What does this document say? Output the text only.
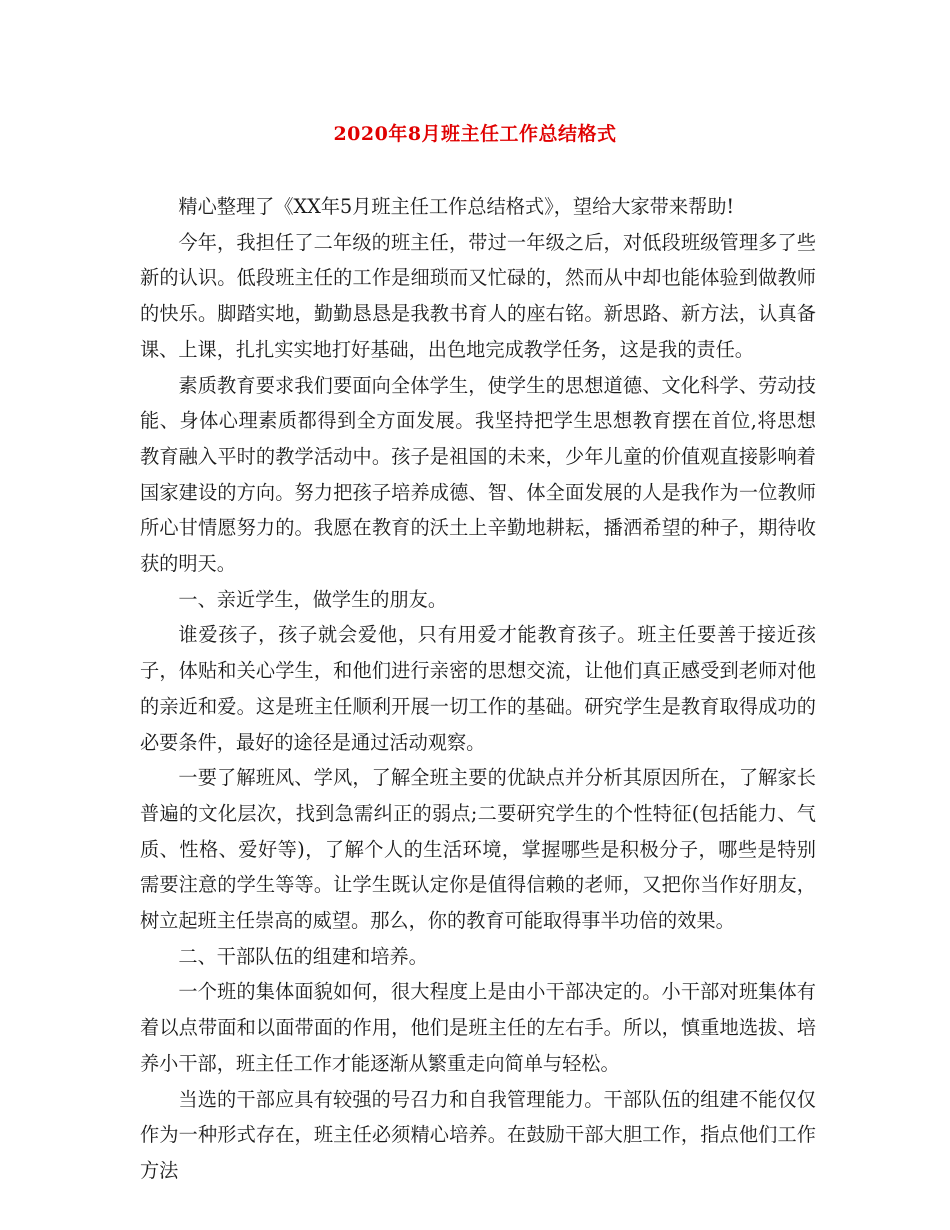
2020年8月班主任工作总结格式

精心整理了《XX年5月班主任工作总结格式》，望给大家带来帮助!

今年，我担任了二年级的班主任，带过一年级之后，对低段班级管理多了些新的认识。低段班主任的工作是细琐而又忙碌的，然而从中却也能体验到做教师的快乐。脚踏实地，勤勤恳恳是我教书育人的座右铭。新思路、新方法，认真备课、上课，扎扎实实地打好基础，出色地完成教学任务，这是我的责任。

素质教育要求我们要面向全体学生，使学生的思想道德、文化科学、劳动技能、身体心理素质都得到全方面发展。我坚持把学生思想教育摆在首位,将思想教育融入平时的教学活动中。孩子是祖国的未来，少年儿童的价值观直接影响着国家建设的方向。努力把孩子培养成德、智、体全面发展的人是我作为一位教师所心甘情愿努力的。我愿在教育的沃土上辛勤地耕耘，播洒希望的种子，期待收获的明天。

一、亲近学生，做学生的朋友。

谁爱孩子，孩子就会爱他，只有用爱才能教育孩子。班主任要善于接近孩子，体贴和关心学生，和他们进行亲密的思想交流，让他们真正感受到老师对他的亲近和爱。这是班主任顺利开展一切工作的基础。研究学生是教育取得成功的必要条件，最好的途径是通过活动观察。

一要了解班风、学风，了解全班主要的优缺点并分析其原因所在，了解家长普遍的文化层次，找到急需纠正的弱点;二要研究学生的个性特征(包括能力、气质、性格、爱好等)，了解个人的生活环境，掌握哪些是积极分子，哪些是特别需要注意的学生等等。让学生既认定你是值得信赖的老师，又把你当作好朋友，树立起班主任崇高的威望。那么，你的教育可能取得事半功倍的效果。

二、干部队伍的组建和培养。

一个班的集体面貌如何，很大程度上是由小干部决定的。小干部对班集体有着以点带面和以面带面的作用，他们是班主任的左右手。所以，慎重地选拔、培养小干部，班主任工作才能逐渐从繁重走向简单与轻松。

当选的干部应具有较强的号召力和自我管理能力。干部队伍的组建不能仅仅作为一种形式存在，班主任必须精心培养。在鼓励干部大胆工作，指点他们工作方法
